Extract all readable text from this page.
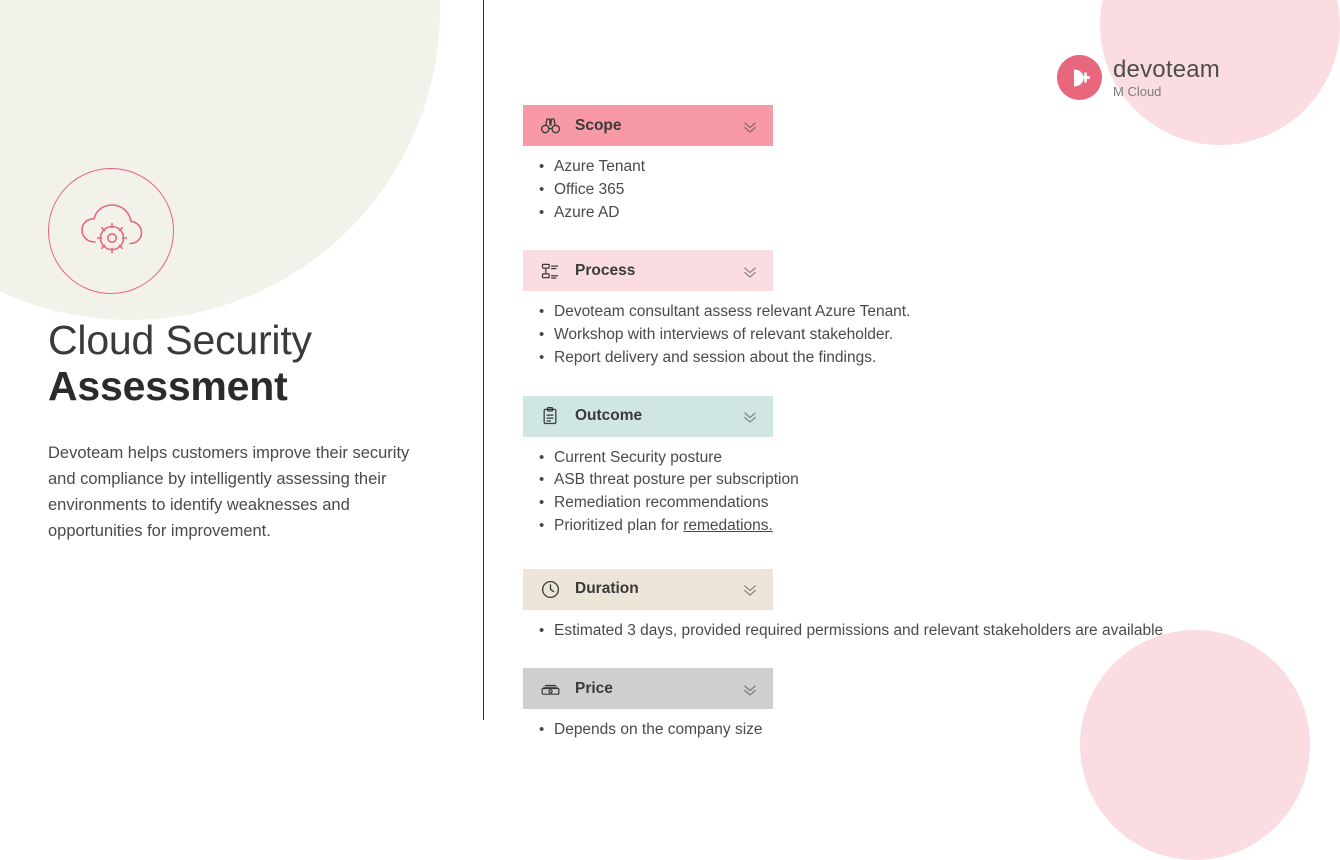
Cloud Security
Assessment
Devoteam helps customers improve their security and compliance by intelligently assessing their environments to identify weaknesses and opportunities for improvement.
devoteam
M Cloud
Scope
• Azure Tenant
• Office 365
• Azure AD
Process
• Devoteam consultant assess relevant Azure Tenant.
• Workshop with interviews of relevant stakeholder.
• Report delivery and session about the findings.
Outcome
• Current Security posture
• ASB threat posture per subscription
• Remediation recommendations
• Prioritized plan for remedations.
Duration
• Estimated 3 days, provided required permissions and relevant stakeholders are available
Price
• Depends on the company size
